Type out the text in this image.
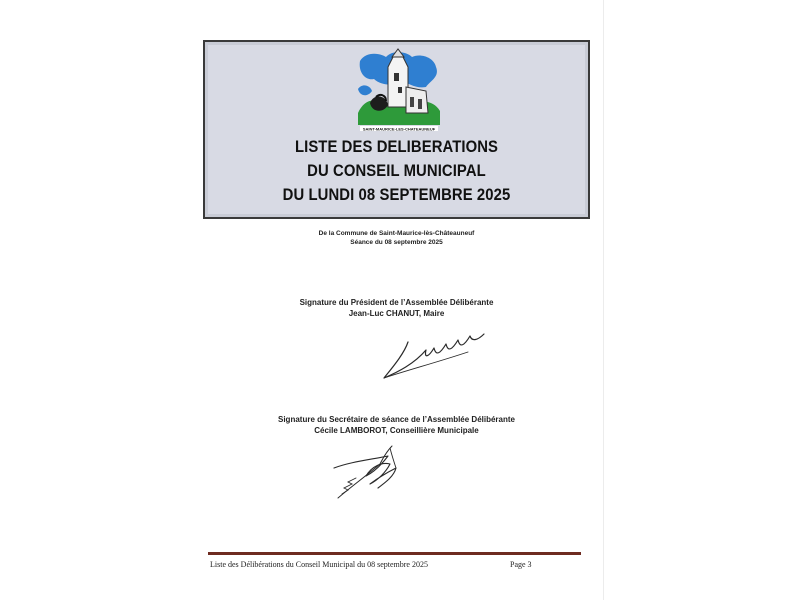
SAINT-MAURICE-LES-CHATEAUNEUF
LISTE DES DELIBERATIONS
DU CONSEIL MUNICIPAL
DU LUNDI 08 SEPTEMBRE 2025
De la Commune de Saint-Maurice-lès-Châteauneuf
Séance du 08 septembre 2025
Signature du Président de l’Assemblée Délibérante
Jean-Luc CHANUT, Maire
Signature du Secrétaire de séance de l’Assemblée Délibérante
Cécile LAMBOROT, Conseillière Municipale
Liste des Délibérations du Conseil Municipal du 08 septembre 2025	Page 3
